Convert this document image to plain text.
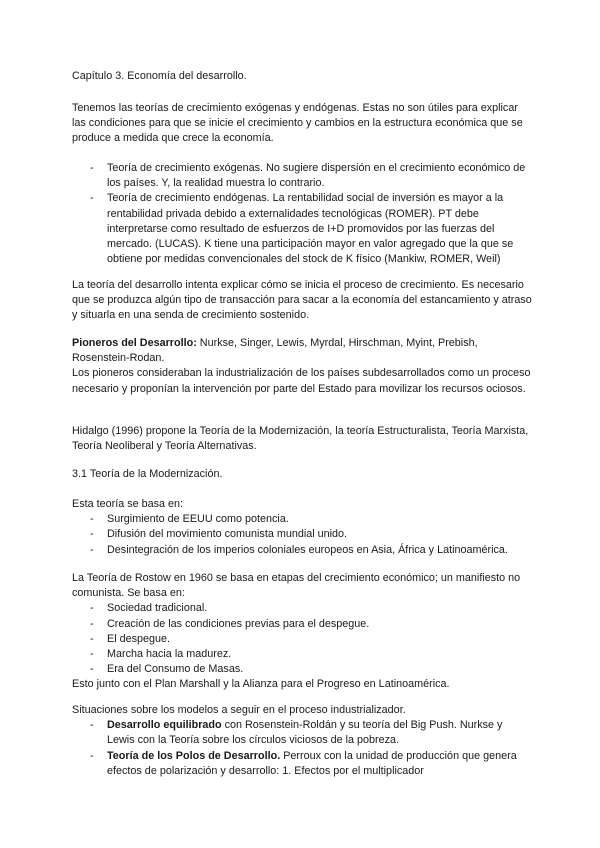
Capítulo 3. Economía del desarrollo.

Tenemos las teorías de crecimiento exógenas y endógenas. Estas no son útiles para explicar las condiciones para que se inicie el crecimiento y cambios en la estructura económica que se produce a medida que crece la economía.

- Teoría de crecimiento exógenas. No sugiere dispersión en el crecimiento económico de los países. Y, la realidad muestra lo contrario.
- Teoría de crecimiento endógenas. La rentabilidad social de inversión es mayor a la rentabilidad privada debido a externalidades tecnológicas (ROMER). PT debe interpretarse como resultado de esfuerzos de I+D promovidos por las fuerzas del mercado. (LUCAS). K tiene una participación mayor en valor agregado que la que se obtiene por medidas convencionales del stock de K físico (Mankiw, ROMER, Weil)

La teoría del desarrollo intenta explicar cómo se inicia el proceso de crecimiento. Es necesario que se produzca algún tipo de transacción para sacar a la economía del estancamiento y atraso y situarla en una senda de crecimiento sostenido.

Pioneros del Desarrollo: Nurkse, Singer, Lewis, Myrdal, Hirschman, Myint, Prebish, Rosenstein-Rodan.

Los pioneros consideraban la industrialización de los países subdesarrollados como un proceso necesario y proponían la intervención por parte del Estado para movilizar los recursos ociosos.

Hidalgo (1996) propone la Teoría de la Modernización, la teoría Estructuralista, Teoría Marxista, Teoría Neoliberal y Teoría Alternativas.

3.1 Teoría de la Modernización.

Esta teoría se basa en:

- Surgimiento de EEUU como potencia.
- Difusión del movimiento comunista mundial unido.
- Desintegración de los imperios coloniales europeos en Asia, África y Latinoamérica.

La Teoría de Rostow en 1960 se basa en etapas del crecimiento económico; un manifiesto no comunista. Se basa en:

- Sociedad tradicional.
- Creación de las condiciones previas para el despegue.
- El despegue.
- Marcha hacia la madurez.
- Era del Consumo de Masas.

Esto junto con el Plan Marshall y la Alianza para el Progreso en Latinoamérica.

Situaciones sobre los modelos a seguir en el proceso industrializador.

- Desarrollo equilibrado con Rosenstein-Roldán y su teoría del Big Push. Nurkse y Lewis con la Teoría sobre los círculos viciosos de la pobreza.
- Teoría de los Polos de Desarrollo. Perroux con la unidad de producción que genera efectos de polarización y desarrollo: 1. Efectos por el multiplicador
